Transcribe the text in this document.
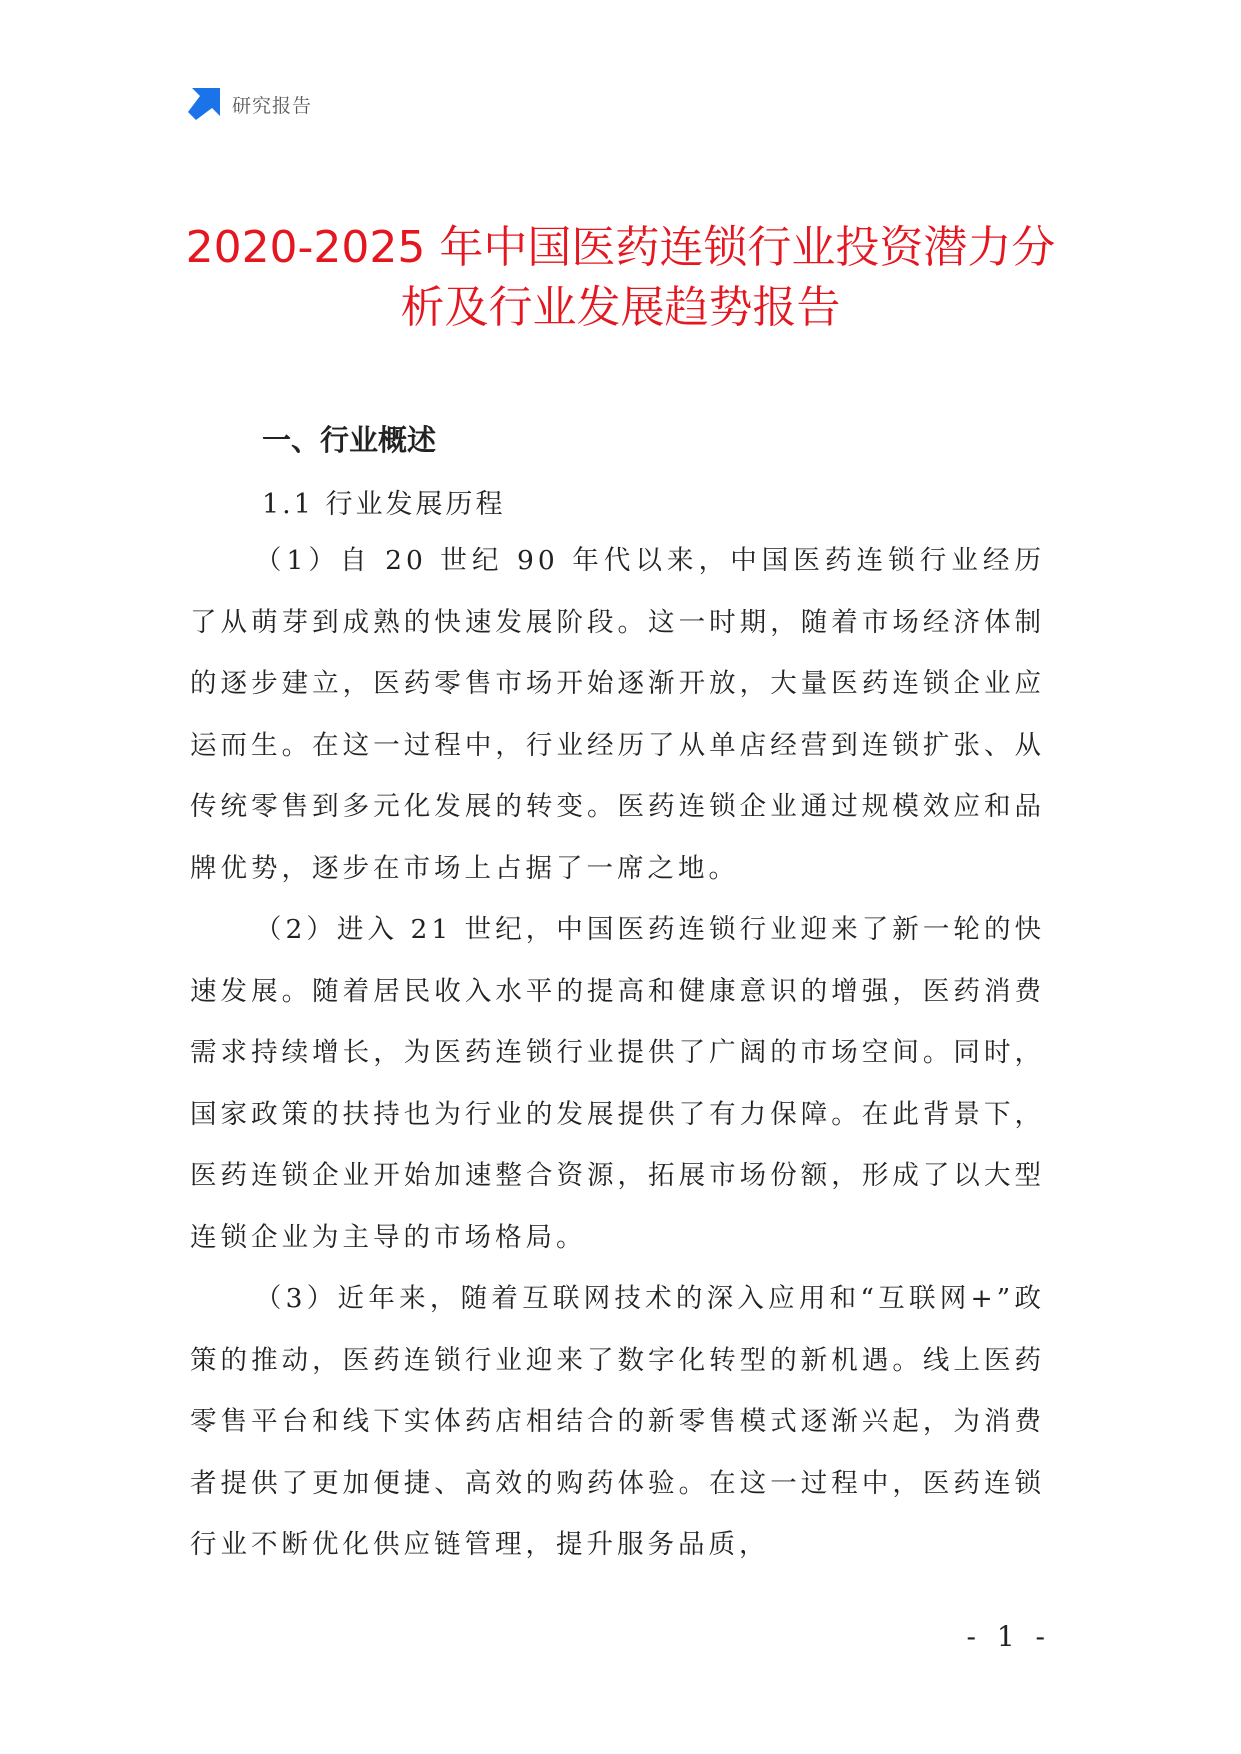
研究报告
2020-2025 年中国医药连锁行业投资潜力分
析及行业发展趋势报告
一、行业概述
1.1 行业发展历程

（1）自 20 世纪 90 年代以来，中国医药连锁行业经历了从萌芽到成熟的快速发展阶段。这一时期，随着市场经济体制的逐步建立，医药零售市场开始逐渐开放，大量医药连锁企业应运而生。在这一过程中，行业经历了从单店经营到连锁扩张、从传统零售到多元化发展的转变。医药连锁企业通过规模效应和品牌优势，逐步在市场上占据了一席之地。

（2）进入 21 世纪，中国医药连锁行业迎来了新一轮的快速发展。随着居民收入水平的提高和健康意识的增强，医药消费需求持续增长，为医药连锁行业提供了广阔的市场空间。同时，国家政策的扶持也为行业的发展提供了有力保障。在此背景下，医药连锁企业开始加速整合资源，拓展市场份额，形成了以大型连锁企业为主导的市场格局。

（3）近年来，随着互联网技术的深入应用和“互联网+”政策的推动，医药连锁行业迎来了数字化转型的新机遇。线上医药零售平台和线下实体药店相结合的新零售模式逐渐兴起，为消费者提供了更加便捷、高效的购药体验。在这一过程中，医药连锁行业不断优化供应链管理，提升服务品质，

- 1 -
